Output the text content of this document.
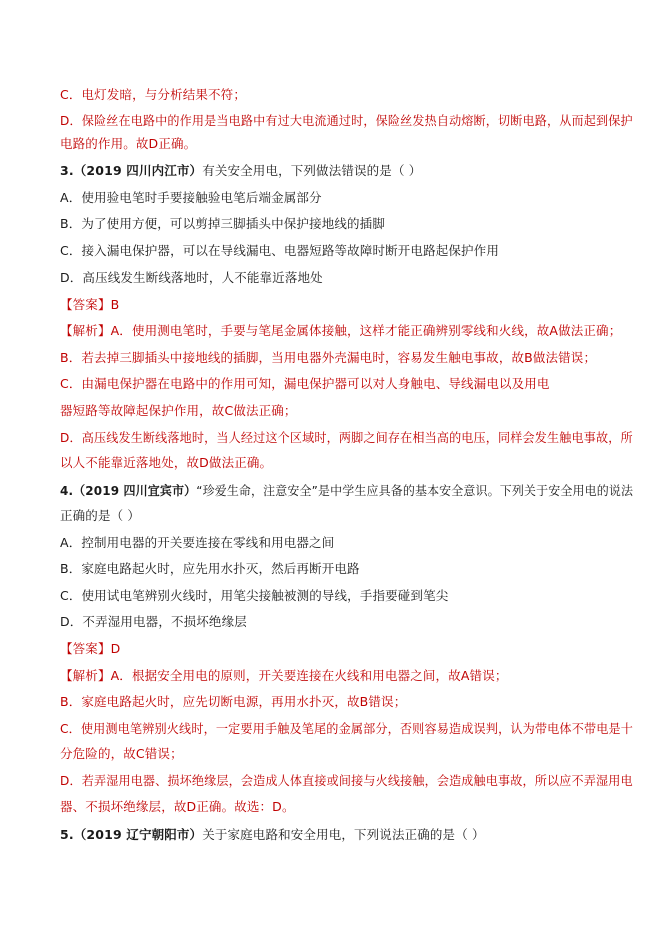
C．电灯发暗，与分析结果不符；
D．保险丝在电路中的作用是当电路中有过大电流通过时，保险丝发热自动熔断，切断电路，从而起到保护
电路的作用。故D正确。
3.（2019 四川内江市）有关安全用电，下列做法错误的是（ ）
A．使用验电笔时手要接触验电笔后端金属部分
B．为了使用方便，可以剪掉三脚插头中保护接地线的插脚
C．接入漏电保护器，可以在导线漏电、电器短路等故障时断开电路起保护作用
D．高压线发生断线落地时，人不能靠近落地处
【答案】B
【解析】A．使用测电笔时，手要与笔尾金属体接触，这样才能正确辨别零线和火线，故A做法正确；
B．若去掉三脚插头中接地线的插脚，当用电器外壳漏电时，容易发生触电事故，故B做法错误；
C．由漏电保护器在电路中的作用可知，漏电保护器可以对人身触电、导线漏电以及用电
器短路等故障起保护作用，故C做法正确；
D．高压线发生断线落地时，当人经过这个区域时，两脚之间存在相当高的电压，同样会发生触电事故，所
以人不能靠近落地处，故D做法正确。
4.（2019 四川宜宾市）“珍爱生命，注意安全”是中学生应具备的基本安全意识。下列关于安全用电的说法
正确的是（ ）
A．控制用电器的开关要连接在零线和用电器之间
B．家庭电路起火时，应先用水扑灭，然后再断开电路
C．使用试电笔辨别火线时，用笔尖接触被测的导线，手指要碰到笔尖
D．不弄湿用电器，不损坏绝缘层
【答案】D
【解析】A．根据安全用电的原则，开关要连接在火线和用电器之间，故A错误；
B．家庭电路起火时，应先切断电源，再用水扑灭，故B错误；
C．使用测电笔辨别火线时，一定要用手触及笔尾的金属部分，否则容易造成误判，认为带电体不带电是十
分危险的，故C错误；
D．若弄湿用电器、损坏绝缘层，会造成人体直接或间接与火线接触，会造成触电事故，所以应不弄湿用电
器、不损坏绝缘层，故D正确。故选：D。
5.（2019 辽宁朝阳市）关于家庭电路和安全用电，下列说法正确的是（ ）
